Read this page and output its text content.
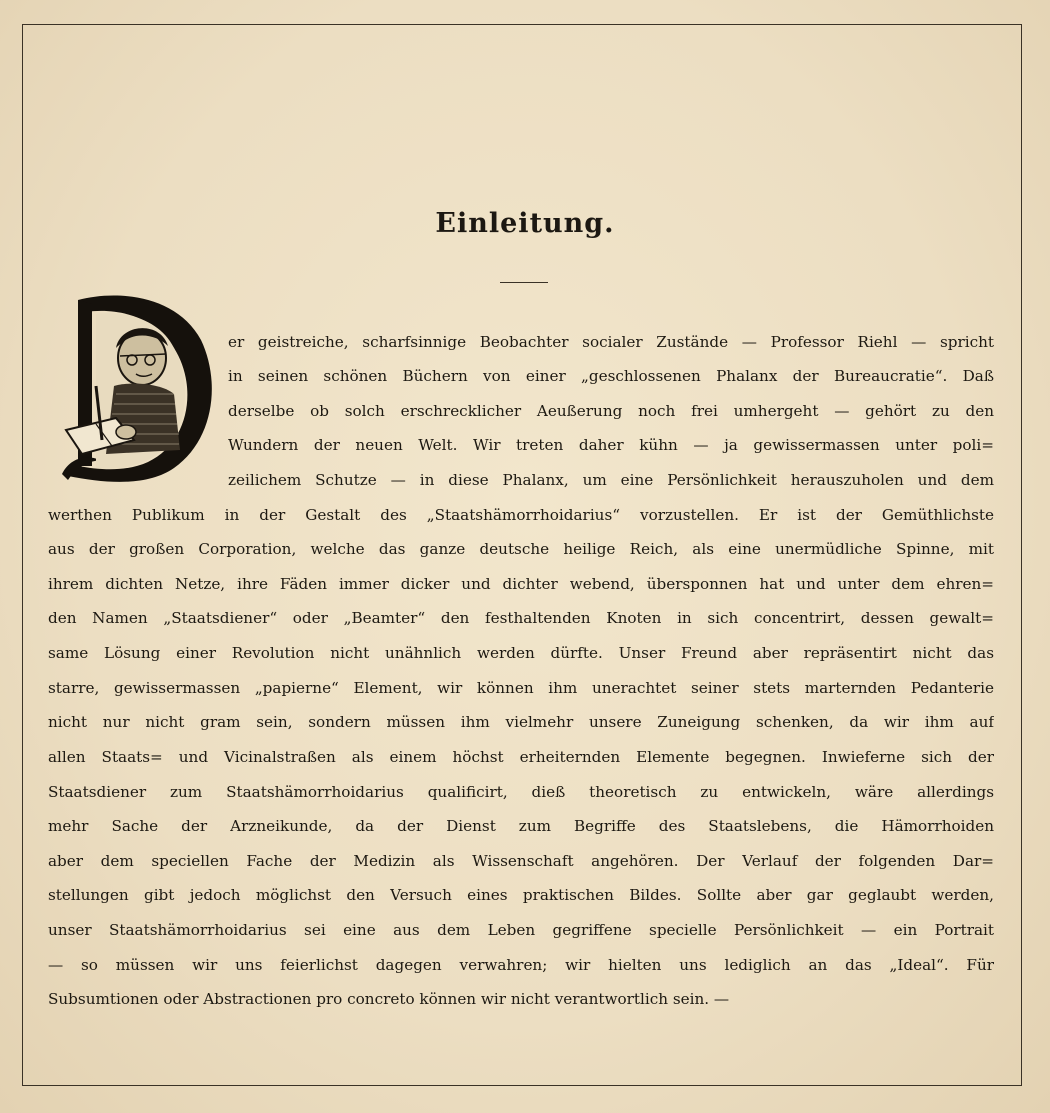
Einleitung.
er geistreiche, scharfsinnige Beobachter socialer Zustände — Professor Riehl — spricht
in seinen schönen Büchern von einer „geschlossenen Phalanx der Bureaucratie“. Daß
derselbe ob solch erschrecklicher Aeußerung noch frei umhergeht — gehört zu den
Wundern der neuen Welt. Wir treten daher kühn — ja gewissermassen unter poli=
zeilichem Schutze — in diese Phalanx, um eine Persönlichkeit herauszuholen und dem
werthen Publikum in der Gestalt des „Staatshämorrhoidarius“ vorzustellen. Er ist der Gemüthlichste
aus der großen Corporation, welche das ganze deutsche heilige Reich, als eine unermüdliche Spinne, mit
ihrem dichten Netze, ihre Fäden immer dicker und dichter webend, übersponnen hat und unter dem ehren=
den Namen „Staatsdiener“ oder „Beamter“ den festhaltenden Knoten in sich concentrirt, dessen gewalt=
same Lösung einer Revolution nicht unähnlich werden dürfte. Unser Freund aber repräsentirt nicht das
starre, gewissermassen „papierne“ Element, wir können ihm unerachtet seiner stets marternden Pedanterie
nicht nur nicht gram sein, sondern müssen ihm vielmehr unsere Zuneigung schenken, da wir ihm auf
allen Staats= und Vicinalstraßen als einem höchst erheiternden Elemente begegnen. Inwieferne sich der
Staatsdiener zum Staatshämorrhoidarius qualificirt, dieß theoretisch zu entwickeln, wäre allerdings
mehr Sache der Arzneikunde, da der Dienst zum Begriffe des Staatslebens, die Hämorrhoiden
aber dem speciellen Fache der Medizin als Wissenschaft angehören. Der Verlauf der folgenden Dar=
stellungen gibt jedoch möglichst den Versuch eines praktischen Bildes. Sollte aber gar geglaubt werden,
unser Staatshämorrhoidarius sei eine aus dem Leben gegriffene specielle Persönlichkeit — ein Portrait
— so müssen wir uns feierlichst dagegen verwahren; wir hielten uns lediglich an das „Ideal“. Für
Subsumtionen oder Abstractionen pro concreto können wir nicht verantwortlich sein. —
